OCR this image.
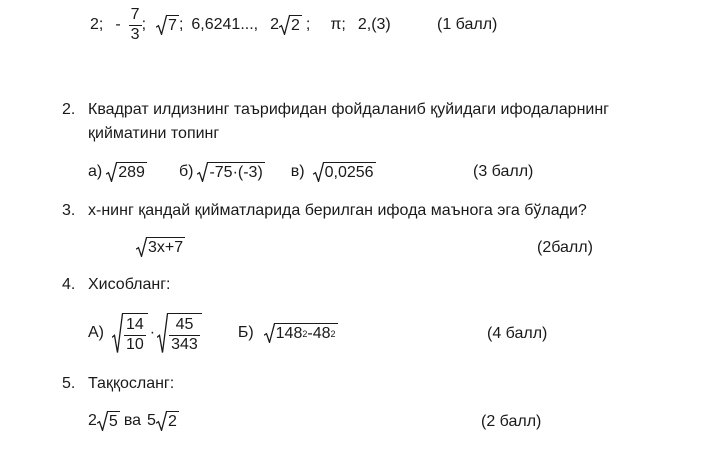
2; - $\frac{7}{3}$ ; 7 ; 6,6241..., 2 2 ; π; 2,(3)	(1 балл)
2. Квадрат илдизнинг таърифидан фойдаланиб қуйидаги ифодаларнинг
қийматини топинг
а) 289 б) -75·(-3) в) 0,0256	(3 балл)
3. х-нинг қандай қийматларида берилган ифода маънога эга бўлади?
3x+7	(2балл)
4. Хисобланг:
$А) \frac{14}{10} \cdot \frac{45}{343} Б$) 148 2 -48 2	(4 балл)
5. Таққосланг:
2 5 ва 5 2	(2 балл)
